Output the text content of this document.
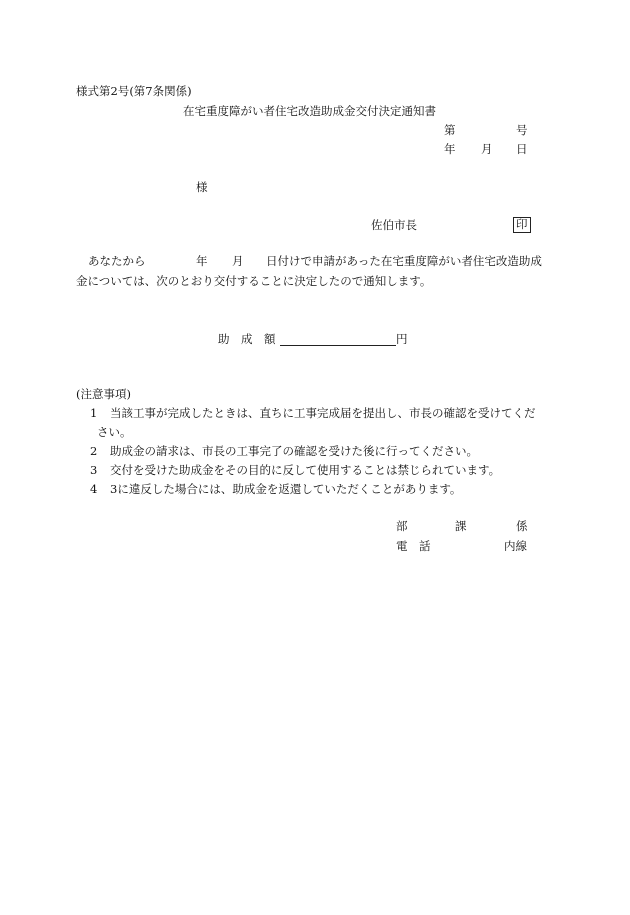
様式第2号(第7条関係)
在宅重度障がい者住宅改造助成金交付決定通知書
第	号
年 月 日
様
佐伯市長	印
あなたから	年 月 日付けで申請があった在宅重度障がい者住宅改造助成
金については、次のとおり交付することに決定したので通知します。
助　成　額	円
(注意事項)
1 当該工事が完成したときは、直ちに工事完成届を提出し、市長の確認を受けてくだ
さい。
2 助成金の請求は、市長の工事完了の確認を受けた後に行ってください。
3 交付を受けた助成金をその目的に反して使用することは禁じられています。
4 3に違反した場合には、助成金を返還していただくことがあります。
部	課	係
電　話	内線
